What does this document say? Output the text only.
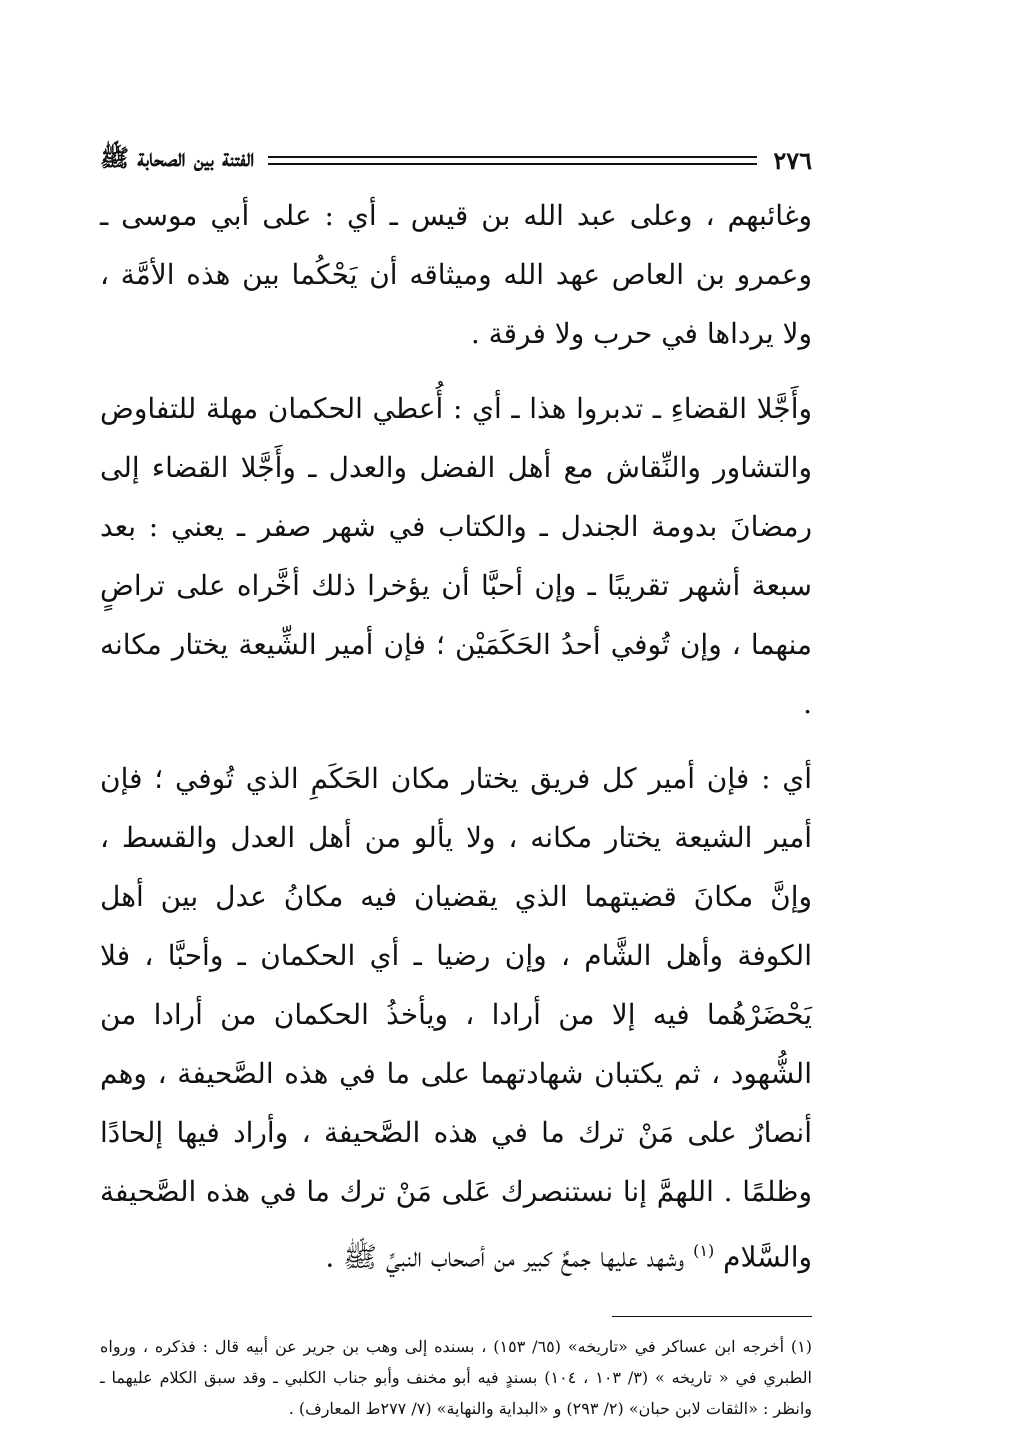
٢٧٦
الفتنة بين الصحابة ﷺ

وغائبهم ، وعلى عبد الله بن قيس ـ أي : على أبي موسى ـ وعمرو بن العاص عهد الله وميثاقه أن يَحْكُما بين هذه الأمَّة ، ولا يرداها في حرب ولا فرقة .

وأَجَّلا القضاءِ ـ تدبروا هذا ـ أي : أُعطي الحكمان مهلة للتفاوض والتشاور والنِّقاش مع أهل الفضل والعدل ـ وأَجَّلا القضاء إلى رمضانَ بدومة الجندل ـ والكتاب في شهر صفر ـ يعني : بعد سبعة أشهر تقريبًا ـ وإن أحبَّا أن يؤخرا ذلك أخَّراه على تراضٍ منهما ، وإن تُوفي أحدُ الحَكَمَيْن ؛ فإن أمير الشِّيعة يختار مكانه .

أي : فإن أمير كل فريق يختار مكان الحَكَمِ الذي تُوفي ؛ فإن أمير الشيعة يختار مكانه ، ولا يألو من أهل العدل والقسط ، وإنَّ مكانَ قضيتهما الذي يقضيان فيه مكانُ عدل بين أهل الكوفة وأهل الشَّام ، وإن رضيا ـ أي الحكمان ـ وأحبَّا ، فلا يَحْضَرْهُما فيه إلا من أرادا ، ويأخذُ الحكمان من أرادا من الشُّهود ، ثم يكتبان شهادتهما على ما في هذه الصَّحيفة ، وهم أنصارٌ على مَنْ ترك ما في هذه الصَّحيفة ، وأراد فيها إلحادًا وظلمًا . اللهمَّ إنا نستنصرك عَلى مَنْ ترك ما في هذه الصَّحيفة والسَّلام $^{(١)}$ وشهد عليها جمعٌ كبير من أصحاب النبيِّ ﷺ .

(١) أخرجه ابن عساكر في «تاريخه» (٦٥/ ١٥٣) ، بسنده إلى وهب بن جرير عن أبيه قال : فذكره ، ورواه الطبري في « تاريخه » (٣/ ١٠٣ ، ١٠٤) بسندٍ فيه أبو مخنف وأبو جناب الكلبي ـ وقد سبق الكلام عليهما ـ وانظر : «الثقات لابن حبان» (٢/ ٢٩٣) و «البداية والنهاية» (٧/ ٢٧٧ط المعارف) .
